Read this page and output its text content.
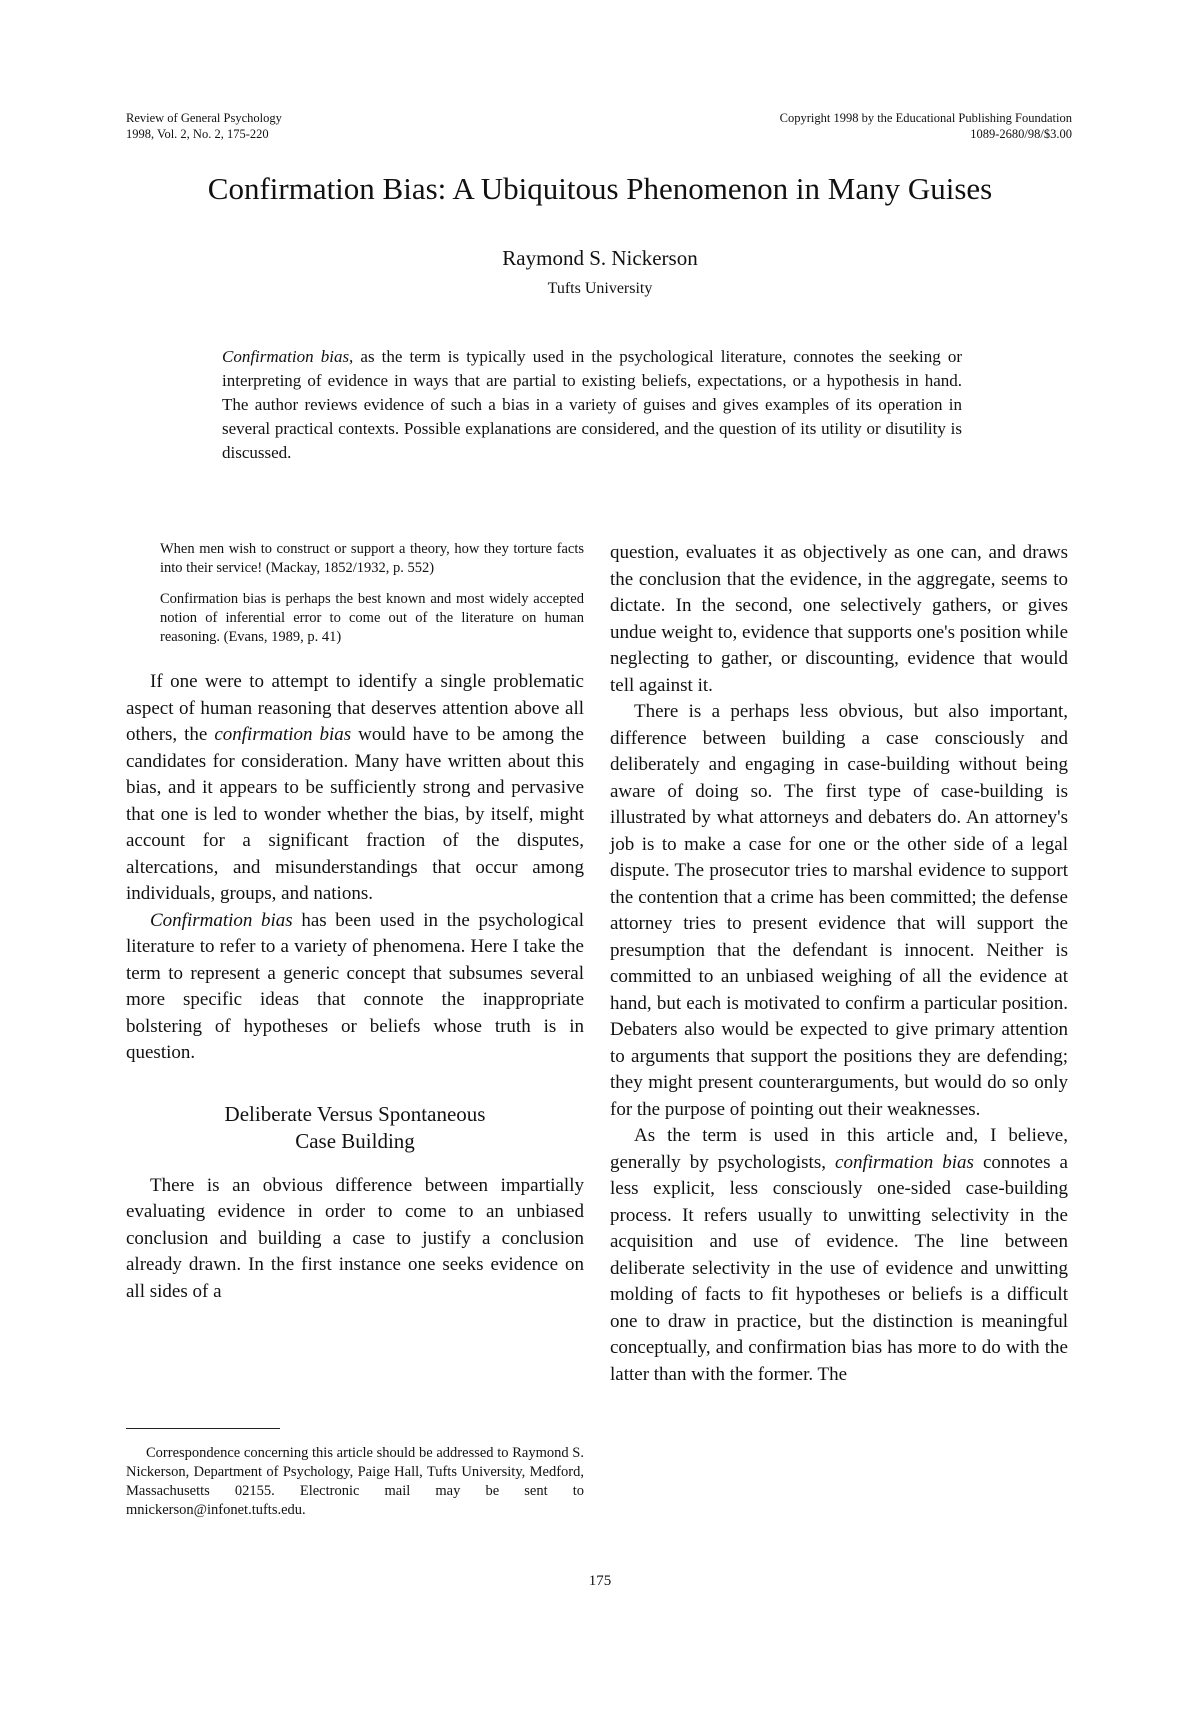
Review of General Psychology
1998, Vol. 2, No. 2, 175-220
Copyright 1998 by the Educational Publishing Foundation
1089-2680/98/$3.00
Confirmation Bias: A Ubiquitous Phenomenon in Many Guises
Raymond S. Nickerson
Tufts University

Confirmation bias, as the term is typically used in the psychological literature, connotes the seeking or interpreting of evidence in ways that are partial to existing beliefs, expectations, or a hypothesis in hand. The author reviews evidence of such a bias in a variety of guises and gives examples of its operation in several practical contexts. Possible explanations are considered, and the question of its utility or disutility is discussed.

When men wish to construct or support a theory, how they torture facts into their service! (Mackay, 1852/1932, p. 552)

Confirmation bias is perhaps the best known and most widely accepted notion of inferential error to come out of the literature on human reasoning. (Evans, 1989, p. 41)

If one were to attempt to identify a single problematic aspect of human reasoning that deserves attention above all others, the confirmation bias would have to be among the candidates for consideration. Many have written about this bias, and it appears to be sufficiently strong and pervasive that one is led to wonder whether the bias, by itself, might account for a significant fraction of the disputes, altercations, and misunderstandings that occur among individuals, groups, and nations.

Confirmation bias has been used in the psychological literature to refer to a variety of phenomena. Here I take the term to represent a generic concept that subsumes several more specific ideas that connote the inappropriate bolstering of hypotheses or beliefs whose truth is in question.

Deliberate Versus Spontaneous
Case Building

There is an obvious difference between impartially evaluating evidence in order to come to an unbiased conclusion and building a case to justify a conclusion already drawn. In the first instance one seeks evidence on all sides of a

Correspondence concerning this article should be addressed to Raymond S. Nickerson, Department of Psychology, Paige Hall, Tufts University, Medford, Massachusetts 02155. Electronic mail may be sent to mnickerson@infonet.tufts.edu.

question, evaluates it as objectively as one can, and draws the conclusion that the evidence, in the aggregate, seems to dictate. In the second, one selectively gathers, or gives undue weight to, evidence that supports one's position while neglecting to gather, or discounting, evidence that would tell against it.

There is a perhaps less obvious, but also important, difference between building a case consciously and deliberately and engaging in case-building without being aware of doing so. The first type of case-building is illustrated by what attorneys and debaters do. An attorney's job is to make a case for one or the other side of a legal dispute. The prosecutor tries to marshal evidence to support the contention that a crime has been committed; the defense attorney tries to present evidence that will support the presumption that the defendant is innocent. Neither is committed to an unbiased weighing of all the evidence at hand, but each is motivated to confirm a particular position. Debaters also would be expected to give primary attention to arguments that support the positions they are defending; they might present counterarguments, but would do so only for the purpose of pointing out their weaknesses.

As the term is used in this article and, I believe, generally by psychologists, confirmation bias connotes a less explicit, less consciously one-sided case-building process. It refers usually to unwitting selectivity in the acquisition and use of evidence. The line between deliberate selectivity in the use of evidence and unwitting molding of facts to fit hypotheses or beliefs is a difficult one to draw in practice, but the distinction is meaningful conceptually, and confirmation bias has more to do with the latter than with the former. The

175
